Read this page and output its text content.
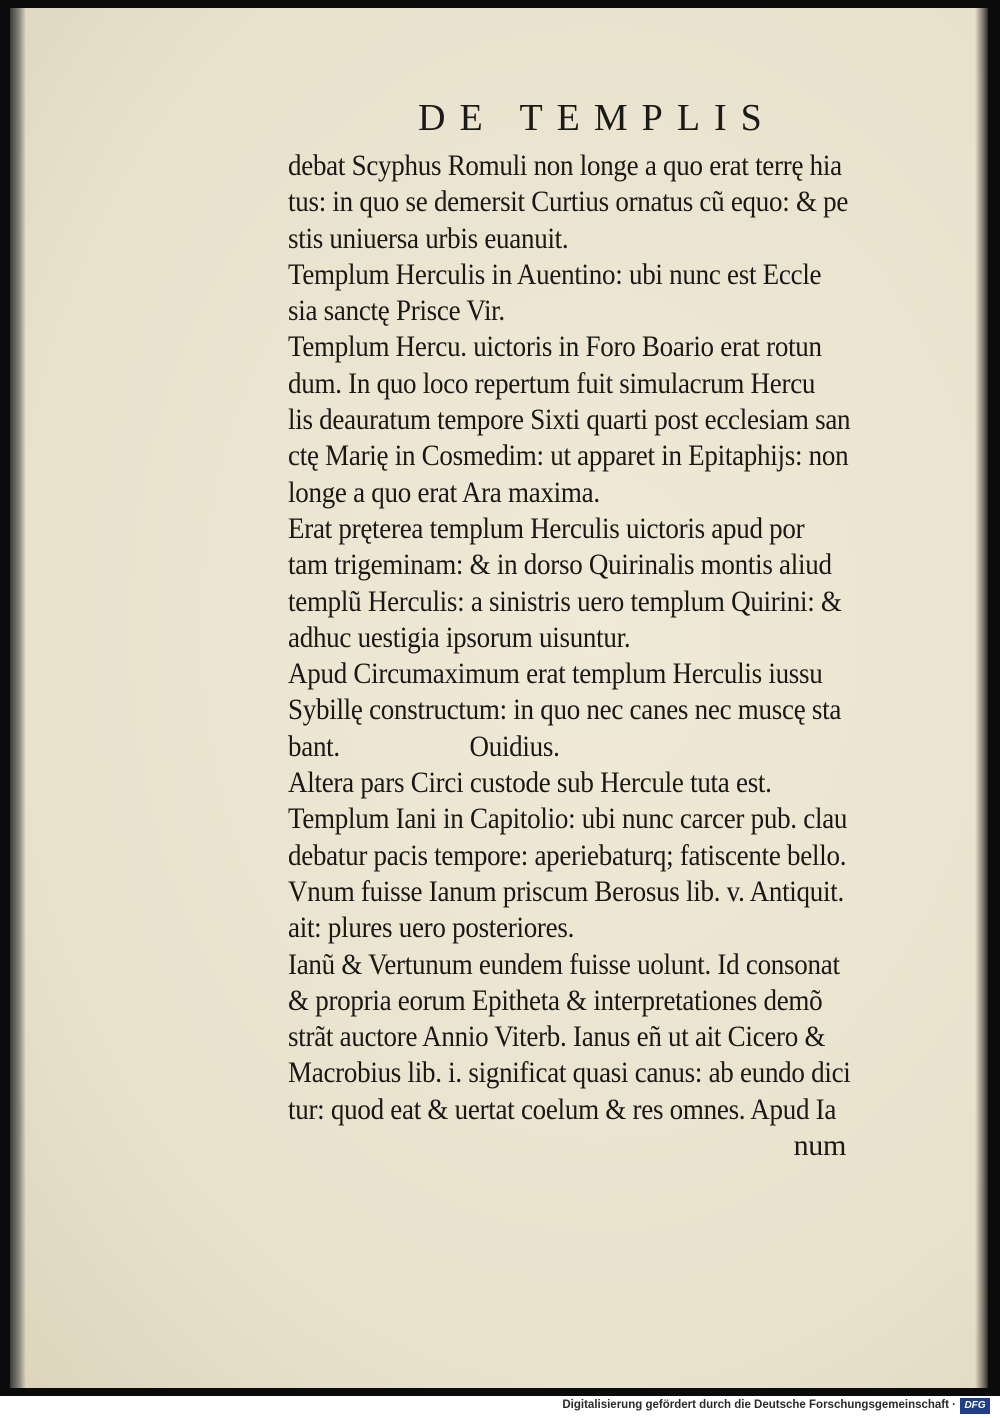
DE TEMPLIS
debat Scyphus Romuli non longe a quo erat terrę hia
tus: in quo se demersit Curtius ornatus cũ equo: & pe
stis uniuersa urbis euanuit.
Templum Herculis in Auentino: ubi nunc est Eccle
sia sanctę Prisce Vir.
Templum Hercu. uictoris in Foro Boario erat rotun
dum. In quo loco repertum fuit simulacrum Hercu
lis deauratum tempore Sixti quarti post ecclesiam san
ctę Marię in Cosmedim: ut apparet in Epitaphijs: non
longe a quo erat Ara maxima.
Erat pręterea templum Herculis uictoris apud por
tam trigeminam: & in dorso Quirinalis montis aliud
templũ Herculis: a sinistris uero templum Quirini: &
adhuc uestigia ipsorum uisuntur.
Apud Circumaximum erat templum Herculis iussu
Sybillę constructum: in quo nec canes nec muscę sta
bant.                    Ouidius.
Altera pars Circi custode sub Hercule tuta est.
Templum Iani in Capitolio: ubi nunc carcer pub. clau
debatur pacis tempore: aperiebaturq; fatiscente bello.
Vnum fuisse Ianum priscum Berosus lib. v. Antiquit.
ait: plures uero posteriores.
Ianũ & Vertunum eundem fuisse uolunt. Id consonat
& propria eorum Epitheta & interpretationes demõ
strãt auctore Annio Viterb. Ianus eñ ut ait Cicero &
Macrobius lib. i. significat quasi canus: ab eundo dici
tur: quod eat & uertat coelum & res omnes. Apud Ia
num
Digitalisierung gefördert durch die Deutsche Forschungsgemeinschaft · DFG
